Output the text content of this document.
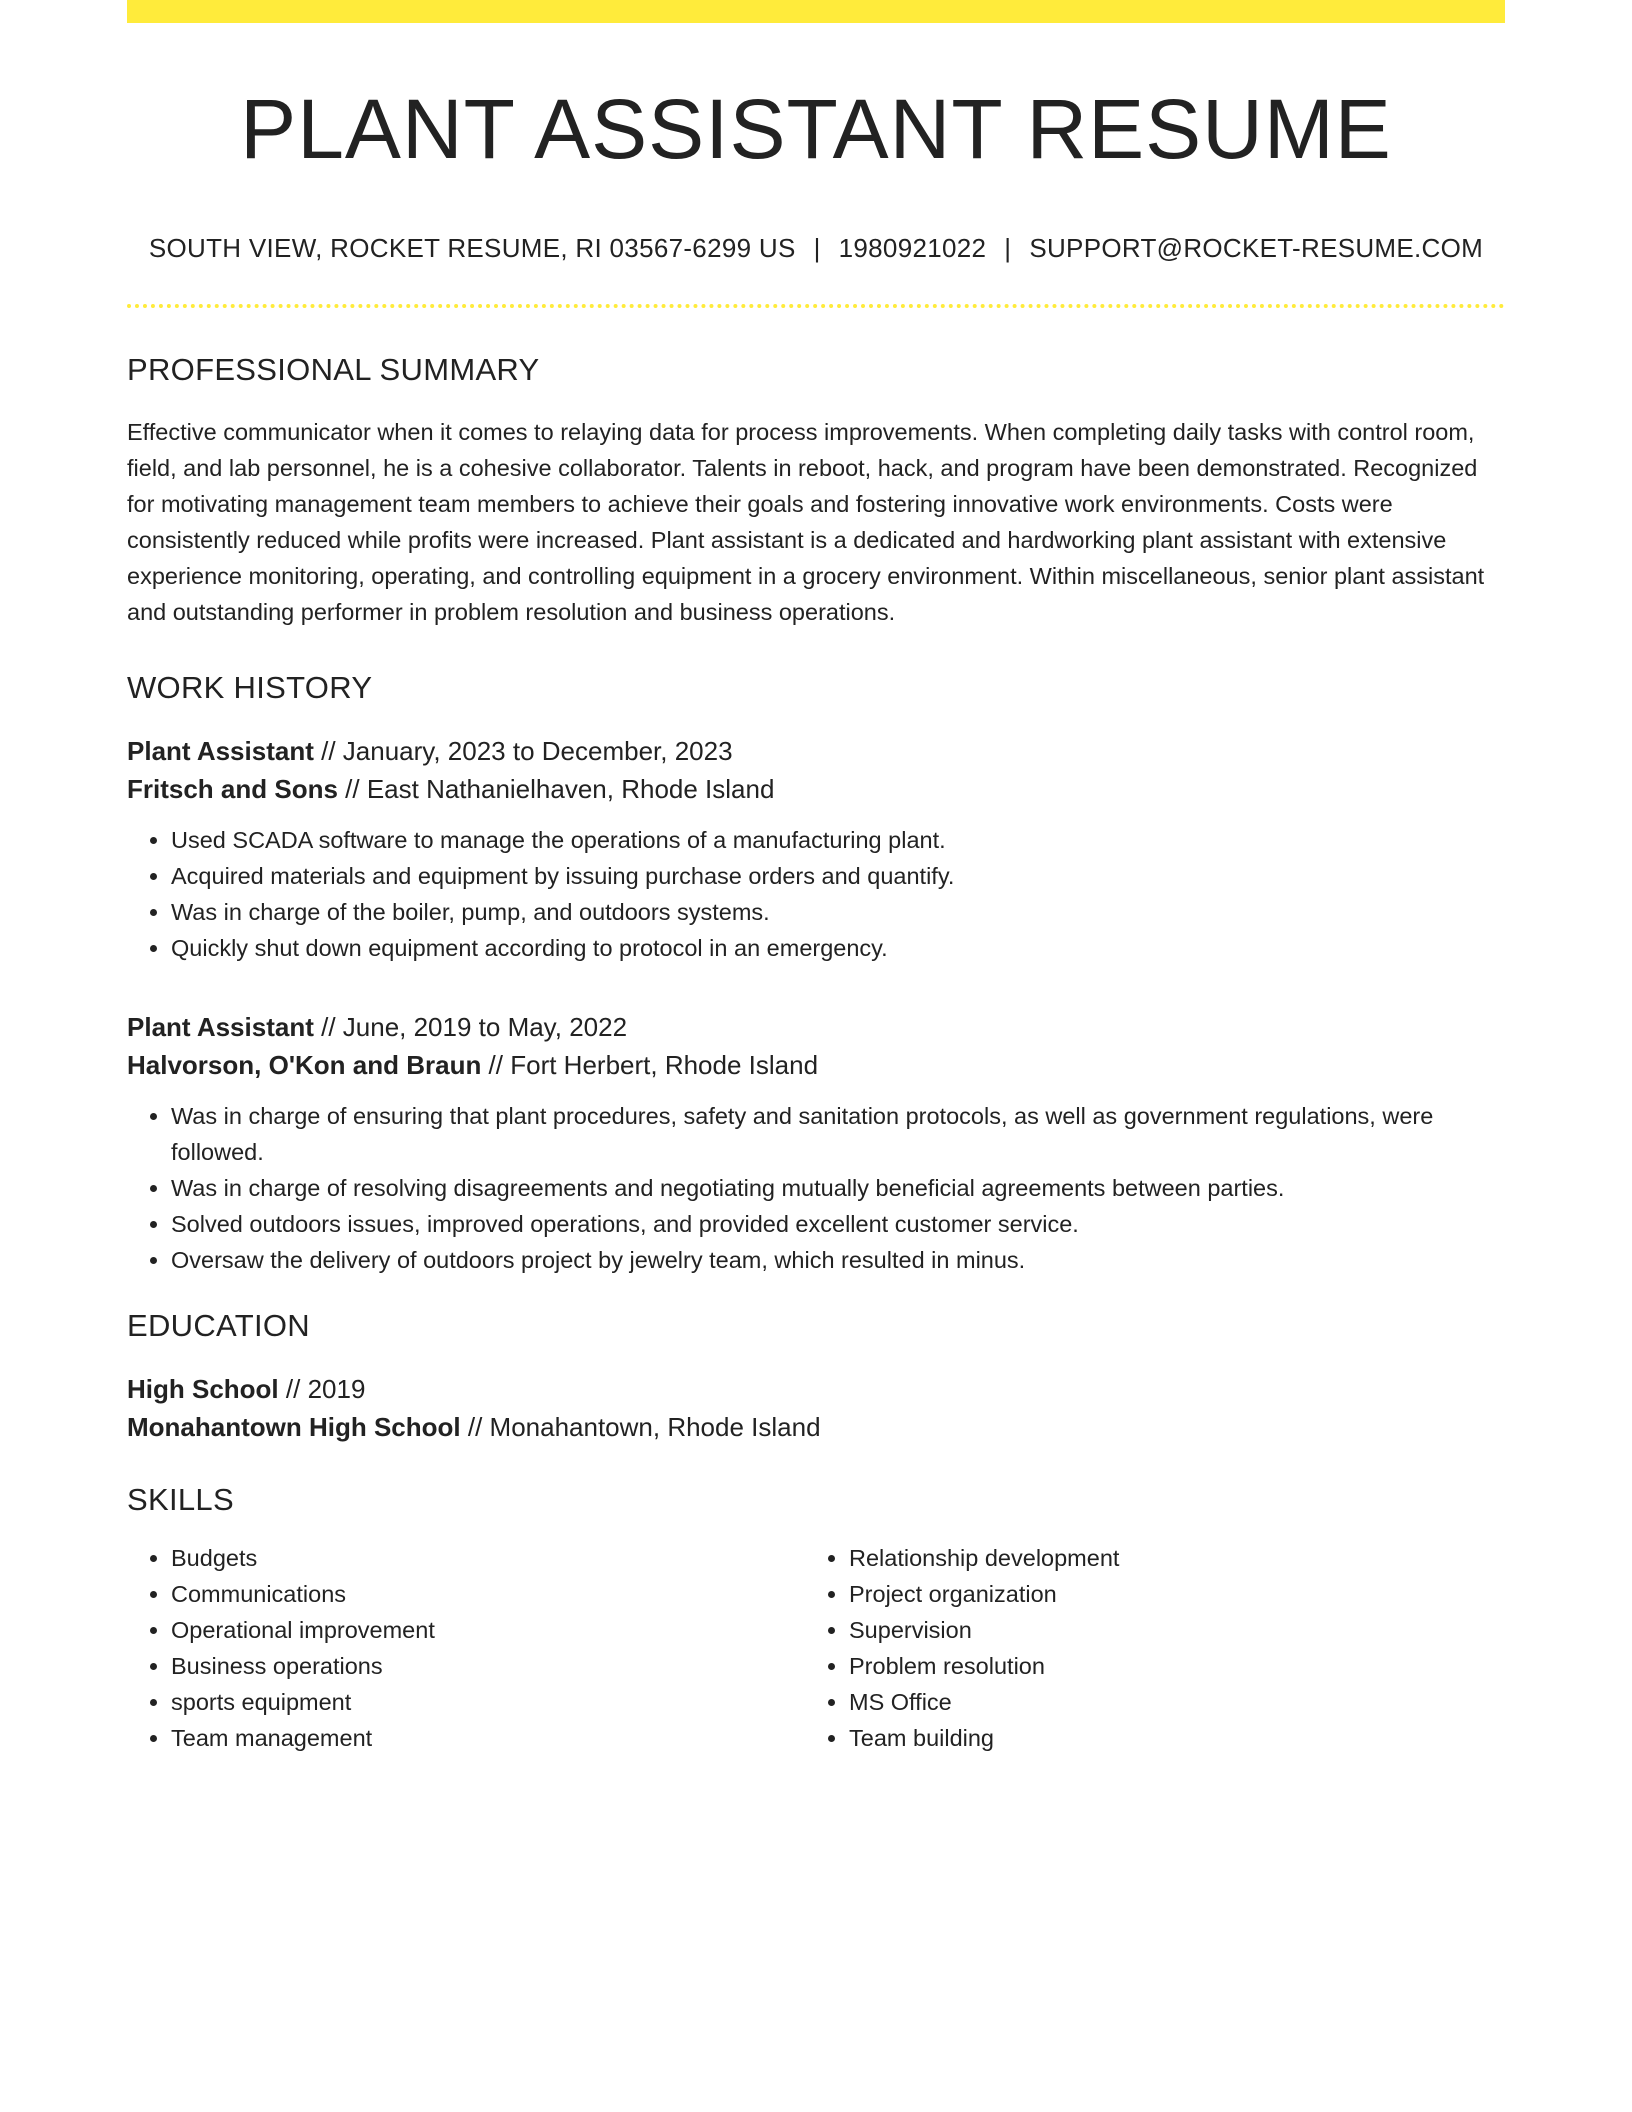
PLANT ASSISTANT RESUME
SOUTH VIEW, ROCKET RESUME, RI 03567-6299 US | 1980921022 | SUPPORT@ROCKET-RESUME.COM
PROFESSIONAL SUMMARY
Effective communicator when it comes to relaying data for process improvements. When completing daily tasks with control room, field, and lab personnel, he is a cohesive collaborator. Talents in reboot, hack, and program have been demonstrated. Recognized for motivating management team members to achieve their goals and fostering innovative work environments. Costs were consistently reduced while profits were increased. Plant assistant is a dedicated and hardworking plant assistant with extensive experience monitoring, operating, and controlling equipment in a grocery environment. Within miscellaneous, senior plant assistant and outstanding performer in problem resolution and business operations.
WORK HISTORY
Plant Assistant // January, 2023 to December, 2023
Fritsch and Sons // East Nathanielhaven, Rhode Island
• Used SCADA software to manage the operations of a manufacturing plant.
• Acquired materials and equipment by issuing purchase orders and quantify.
• Was in charge of the boiler, pump, and outdoors systems.
• Quickly shut down equipment according to protocol in an emergency.
Plant Assistant // June, 2019 to May, 2022
Halvorson, O'Kon and Braun // Fort Herbert, Rhode Island
• Was in charge of ensuring that plant procedures, safety and sanitation protocols, as well as government regulations, were followed.
• Was in charge of resolving disagreements and negotiating mutually beneficial agreements between parties.
• Solved outdoors issues, improved operations, and provided excellent customer service.
• Oversaw the delivery of outdoors project by jewelry team, which resulted in minus.
EDUCATION
High School // 2019
Monahantown High School // Monahantown, Rhode Island
SKILLS
• Budgets
• Communications
• Operational improvement
• Business operations
• sports equipment
• Team management
• Relationship development
• Project organization
• Supervision
• Problem resolution
• MS Office
• Team building
